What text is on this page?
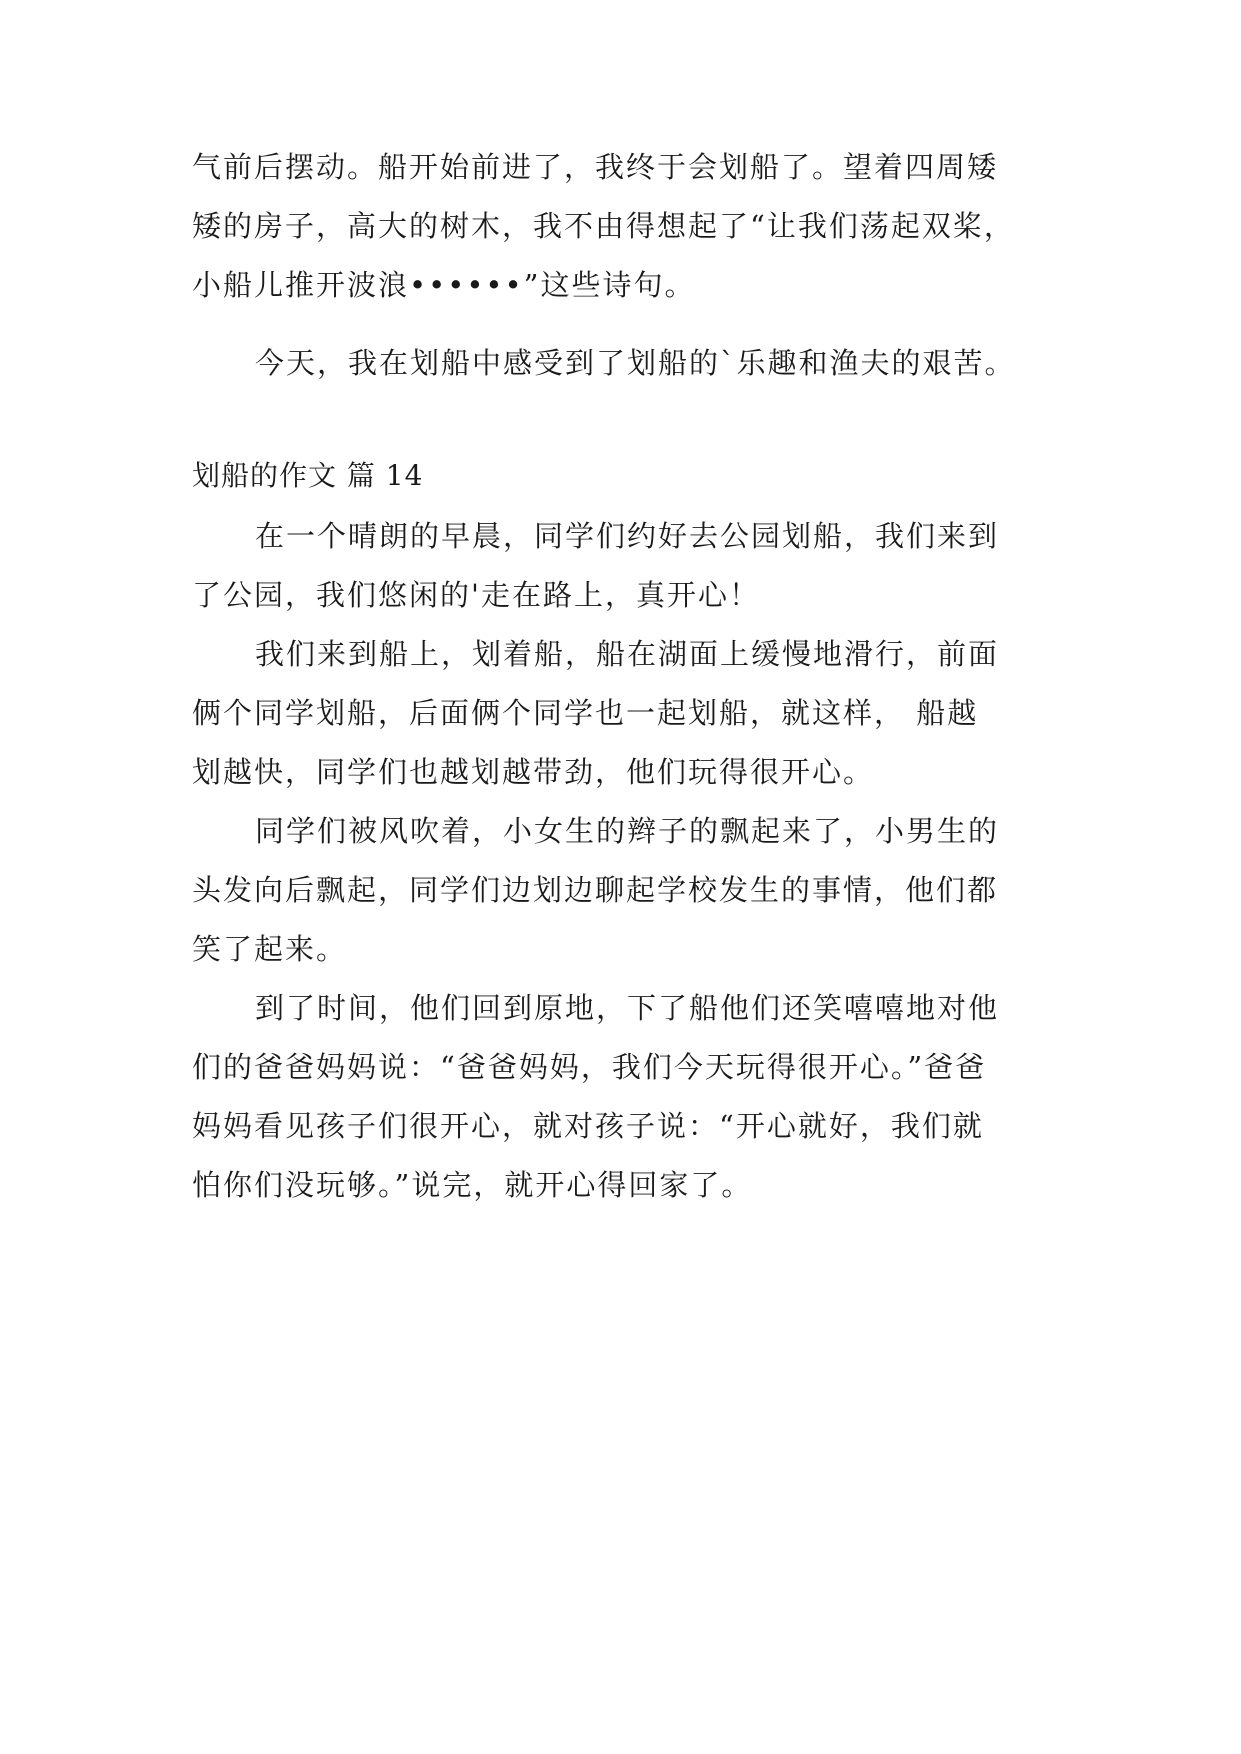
气前后摆动。船开始前进了，我终于会划船了。望着四周矮
矮的房子，高大的树木，我不由得想起了“让我们荡起双桨，
小船儿推开波浪••••••”这些诗句。
今天，我在划船中感受到了划船的`乐趣和渔夫的艰苦。
划船的作文 篇 14
在一个晴朗的早晨，同学们约好去公园划船，我们来到
了公园，我们悠闲的'走在路上，真开心！
我们来到船上，划着船，船在湖面上缓慢地滑行，前面
俩个同学划船，后面俩个同学也一起划船，就这样， 船越
划越快，同学们也越划越带劲，他们玩得很开心。
同学们被风吹着，小女生的辫子的飘起来了，小男生的
头发向后飘起，同学们边划边聊起学校发生的事情，他们都
笑了起来。
到了时间，他们回到原地，下了船他们还笑嘻嘻地对他
们的爸爸妈妈说：“爸爸妈妈，我们今天玩得很开心。”爸爸
妈妈看见孩子们很开心，就对孩子说：“开心就好，我们就
怕你们没玩够。”说完，就开心得回家了。
